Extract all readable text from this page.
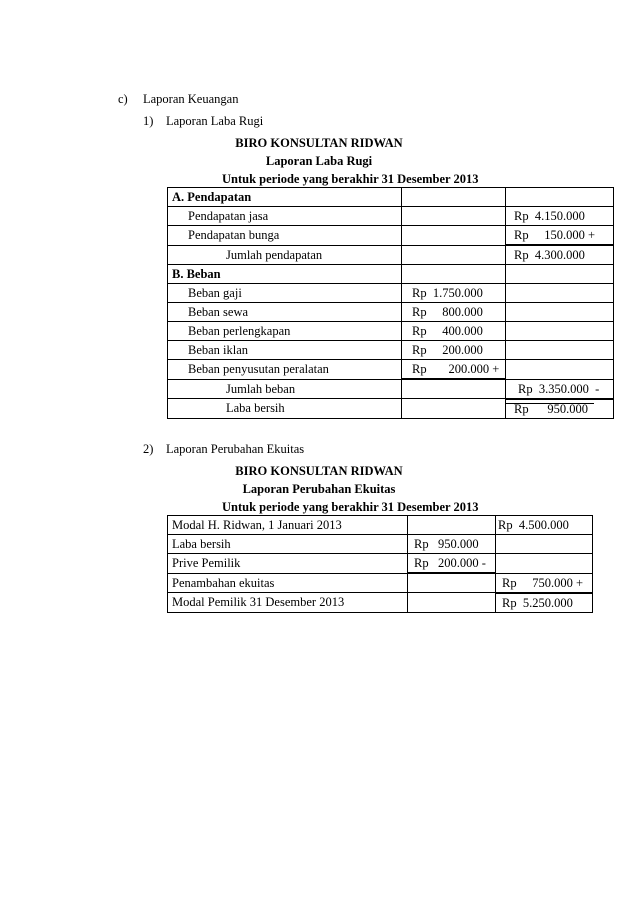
c) Laporan Keuangan
1) Laporan Laba Rugi
BIRO KONSULTAN RIDWAN
Laporan Laba Rugi
Untuk periode yang berakhir 31 Desember 2013
A. Pendapatan		
Pendapatan jasa		Rp  4.150.000
Pendapatan bunga		Rp     150.000 +
Jumlah pendapatan		Rp  4.300.000
B. Beban		
Beban gaji	Rp  1.750.000	
Beban sewa	Rp     800.000	
Beban perlengkapan	Rp     400.000	
Beban iklan	Rp     200.000	
Beban penyusutan peralatan	Rp       200.000 +	
Jumlah beban		Rp  3.350.000 -
Laba bersih		Rp      950.000
2) Laporan Perubahan Ekuitas
BIRO KONSULTAN RIDWAN
Laporan Perubahan Ekuitas
Untuk periode yang berakhir 31 Desember 2013
Modal H. Ridwan, 1 Januari 2013		Rp  4.500.000
Laba bersih	Rp   950.000	
Prive Pemilik	Rp   200.000 -	
Penambahan ekuitas		Rp     750.000 +
Modal Pemilik 31 Desember 2013		Rp  5.250.000
